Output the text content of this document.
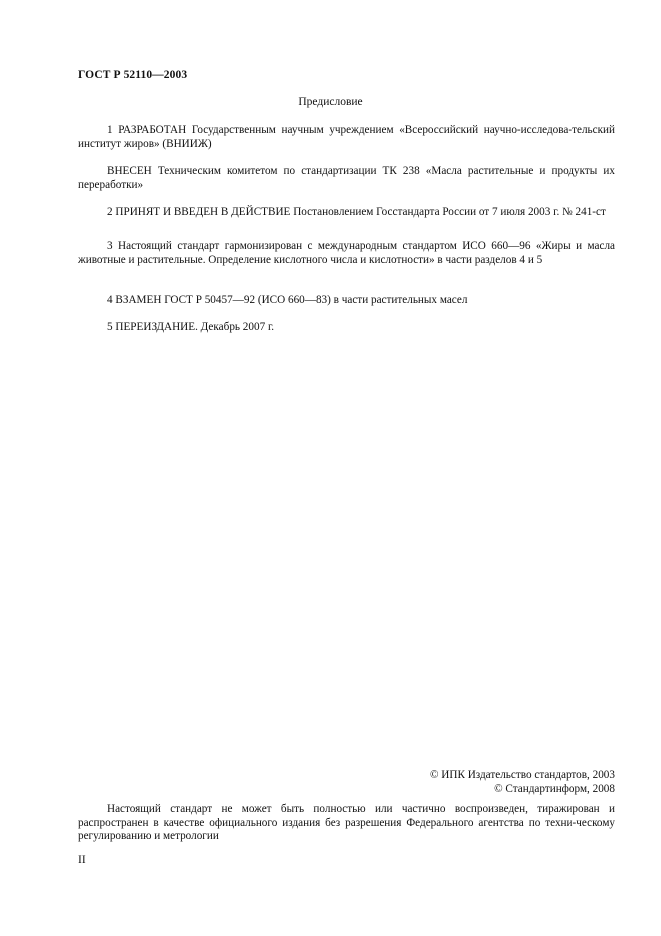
ГОСТ Р 52110—2003
Предисловие

1 РАЗРАБОТАН Государственным научным учреждением «Всероссийский научно-исследова-тельский институт жиров» (ВНИИЖ)

ВНЕСЕН Техническим комитетом по стандартизации ТК 238 «Масла растительные и продукты их переработки»

2 ПРИНЯТ И ВВЕДЕН В ДЕЙСТВИЕ Постановлением Госстандарта России от 7 июля 2003 г. № 241-ст

3 Настоящий стандарт гармонизирован с международным стандартом ИСО 660—96 «Жиры и масла животные и растительные. Определение кислотного числа и кислотности» в части разделов 4 и 5

4 ВЗАМЕН ГОСТ Р 50457—92 (ИСО 660—83) в части растительных масел

5 ПЕРЕИЗДАНИЕ. Декабрь 2007 г.

© ИПК Издательство стандартов, 2003
© Стандартинформ, 2008

Настоящий стандарт не может быть полностью или частично воспроизведен, тиражирован и распространен в качестве официального издания без разрешения Федерального агентства по техни-ческому регулированию и метрологии

II
